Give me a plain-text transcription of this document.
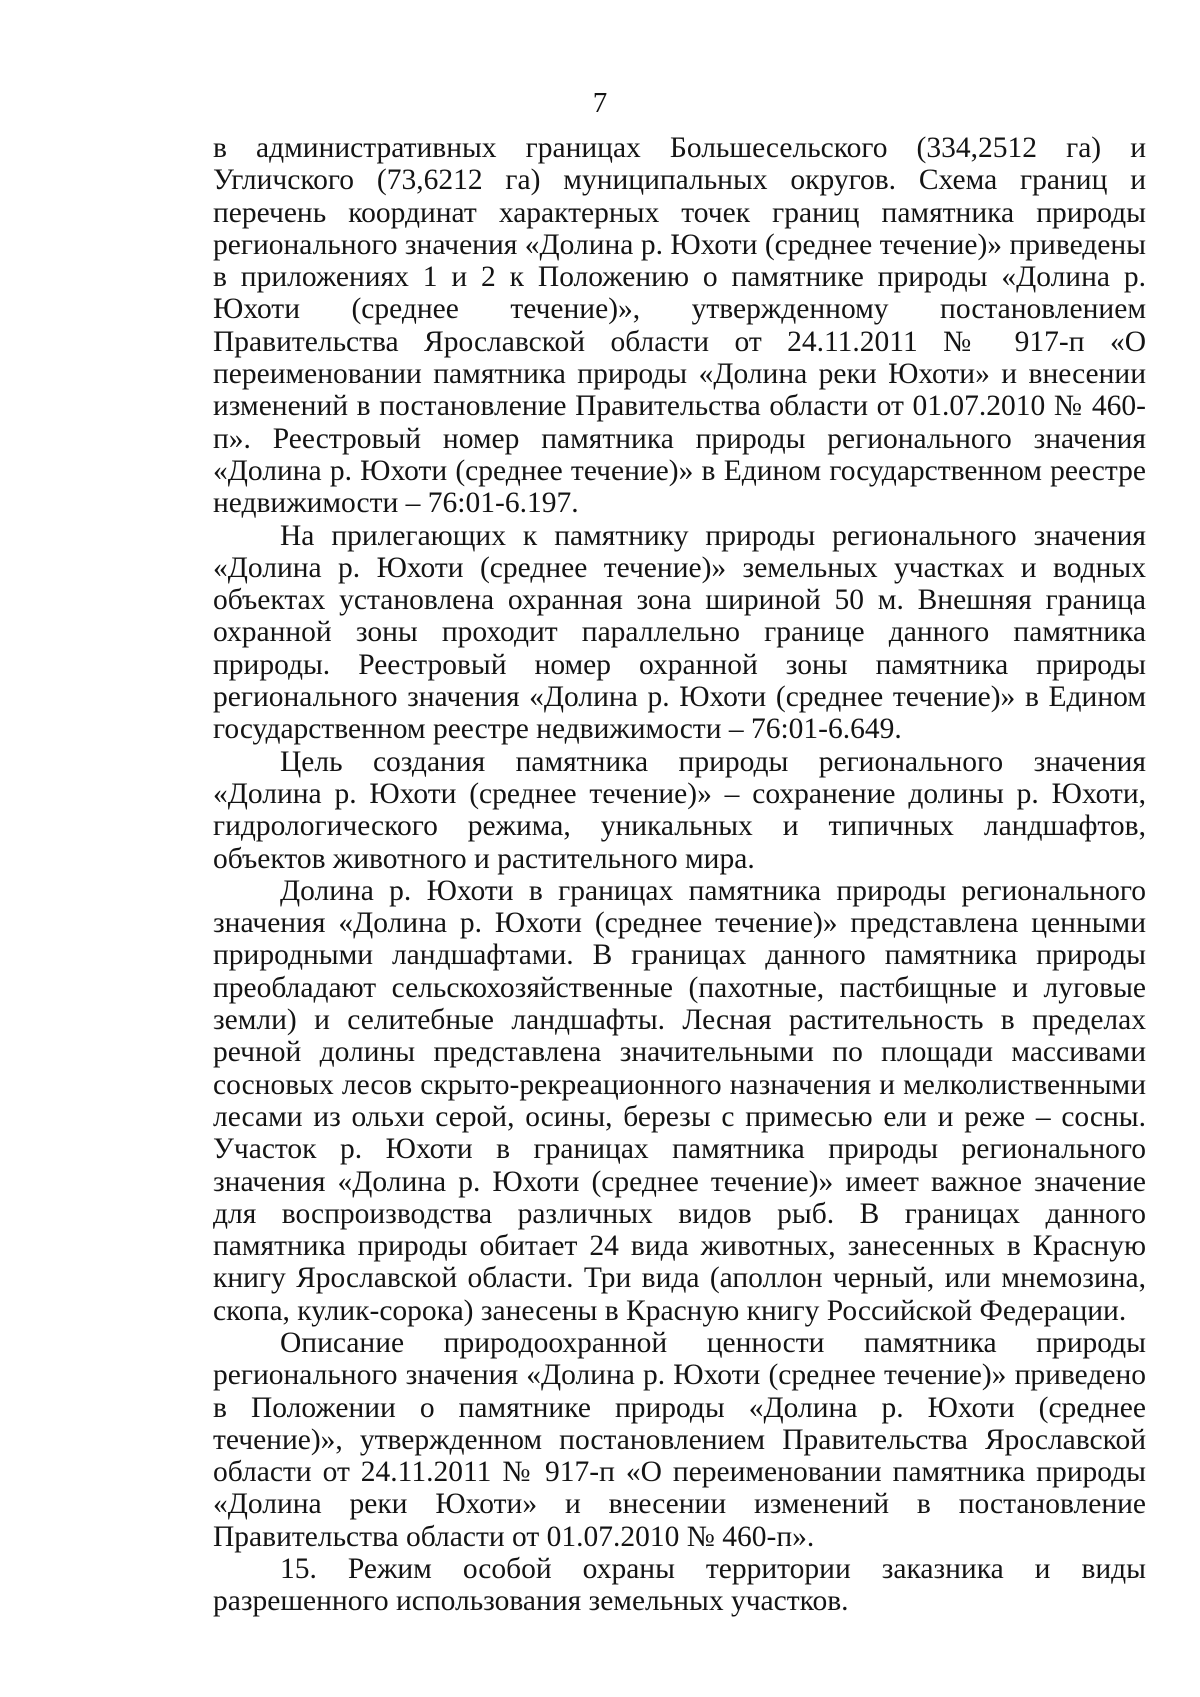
7

в административных границах Большесельского (334,2512 га) и Угличского (73,6212 га) муниципальных округов. Схема границ и перечень координат характерных точек границ памятника природы регионального значения «Долина р. Юхоти (среднее течение)» приведены в приложениях 1 и 2 к Положению о памятнике природы «Долина р. Юхоти (среднее течение)», утвержденному постановлением Правительства Ярославской области от 24.11.2011 № 917-п «О переименовании памятника природы «Долина реки Юхоти» и внесении изменений в постановление Правительства области от 01.07.2010 № 460-п». Реестровый номер памятника природы регионального значения «Долина р. Юхоти (среднее течение)» в Едином государственном реестре недвижимости – 76:01-6.197.

На прилегающих к памятнику природы регионального значения «Долина р. Юхоти (среднее течение)» земельных участках и водных объектах установлена охранная зона шириной 50 м. Внешняя граница охранной зоны проходит параллельно границе данного памятника природы. Реестровый номер охранной зоны памятника природы регионального значения «Долина р. Юхоти (среднее течение)» в Едином государственном реестре недвижимости – 76:01-6.649.

Цель создания памятника природы регионального значения «Долина р. Юхоти (среднее течение)» – сохранение долины р. Юхоти, гидрологического режима, уникальных и типичных ландшафтов, объектов животного и растительного мира.

Долина р. Юхоти в границах памятника природы регионального значения «Долина р. Юхоти (среднее течение)» представлена ценными природными ландшафтами. В границах данного памятника природы преобладают сельскохозяйственные (пахотные, пастбищные и луговые земли) и селитебные ландшафты. Лесная растительность в пределах речной долины представлена значительными по площади массивами сосновых лесов скрыто-рекреационного назначения и мелколиственными лесами из ольхи серой, осины, березы с примесью ели и реже – сосны. Участок р. Юхоти в границах памятника природы регионального значения «Долина р. Юхоти (среднее течение)» имеет важное значение для воспроизводства различных видов рыб. В границах данного памятника природы обитает 24 вида животных, занесенных в Красную книгу Ярославской области. Три вида (аполлон черный, или мнемозина, скопа, кулик-сорока) занесены в Красную книгу Российской Федерации.

Описание природоохранной ценности памятника природы регионального значения «Долина р. Юхоти (среднее течение)» приведено в Положении о памятнике природы «Долина р. Юхоти (среднее течение)», утвержденном постановлением Правительства Ярославской области от 24.11.2011 № 917-п «О переименовании памятника природы «Долина реки Юхоти» и внесении изменений в постановление Правительства области от 01.07.2010 № 460-п».

15. Режим особой охраны территории заказника и виды разрешенного использования земельных участков.
